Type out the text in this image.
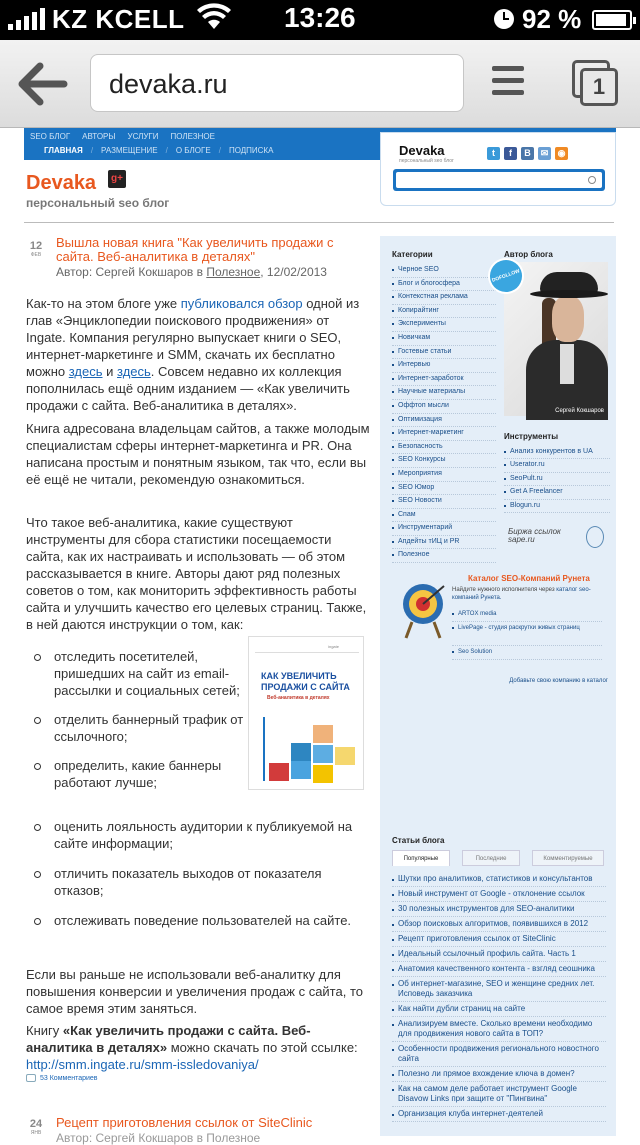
KZ KCELL	13:26	92 %
devaka.ru	1
SEO БЛОГ АВТОРЫ УСЛУГИ ПОЛЕЗНОЕ
ГЛАВНАЯ / РАЗМЕЩЕНИЕ / О БЛОГЕ / ПОДПИСКА	Devaka
персональный seo блог
t f B ✉ ◉
Devaka	g+
персональный seo блог
12
ФЕВ
Вышла новая книга "Как увеличить продажи с сайта. Веб-аналитика в деталях"
Автор: Сергей Кокшаров в Полезное, 12/02/2013
Как-то на этом блоге уже публиковался обзор одной из глав «Энциклопедии поискового продвижения» от Ingate. Компания регулярно выпускает книги о SEO, интернет-маркетинге и SMM, скачать их бесплатно можно здесь и здесь. Совсем недавно их коллекция пополнилась ещё одним изданием — «Как увеличить продажи с сайта. Веб-аналитика в деталях».
Книга адресована владельцам сайтов, а также молодым специалистам сферы интернет-маркетинга и PR. Она написана простым и понятным языком, так что, если вы её ещё не читали, рекомендую ознакомиться.
Что такое веб-аналитика, какие существуют инструменты для сбора статистики посещаемости сайта, как их настраивать и использовать — об этом рассказывается в книге. Авторы дают ряд полезных советов о том, как мониторить эффективность работы сайта и улучшить качество его целевых страниц. Также, в ней даются инструкции о том, как:
отследить посетителей, пришедших на сайт из email-рассылки и социальных сетей;
отделить баннерный трафик от ссылочного;
определить, какие баннеры работают лучше;
оценить лояльность аудитории к публикуемой на сайте информации;
отличить показатель выходов от показателя отказов;
отслеживать поведение пользователей на сайте.
ingate
КАК УВЕЛИЧИТЬ ПРОДАЖИ С САЙТА
Веб-аналитика в деталях
Если вы раньше не использовали веб-аналитку для повышения конверсии и увеличения продаж с сайта, то самое время этим заняться.
Книгу «Как увеличить продажи с сайта. Веб-аналитика в деталях» можно скачать по этой ссылке:
http://smm.ingate.ru/smm-issledovaniya/
53 Комментариев
24
ЯНВ
Рецепт приготовления ссылок от SiteClinic
Автор: Сергей Кокшаров в Полезное
Категории	Автор блога
Черное SEO
Блог и блогосфера
Контекстная реклама
Копирайтинг
Эксперименты
Новичкам
Гостевые статьи
Интервью
Интернет-заработок
Научные материалы
Оффтоп мысли
Оптимизация
Интернет-маркетинг
Безопасность
SEO Конкурсы
Мероприятия
SEO Юмор
SEO Новости
Спам
Инструментарий
Апдейты тИЦ и PR
Полезное
Сергей Кокшаров
DOFOLLOW
Инструменты
Анализ конкурентов в UA
Userator.ru
SeoPult.ru
Get A Freelancer
Blogun.ru
Биржа ссылок
sape.ru
Каталог SEO-Компаний Рунета
Найдите нужного исполнителя через каталог seo-компаний Рунета.
ARTOX media
LivePage - студия раскрутки живых страниц
Seo Solution
Добавьте свою компанию в каталог
Статьи блога
Популярные	Последние	Комментируемые
Шутки про аналитиков, статистиков и консультантов
Новый инструмент от Google - отклонение ссылок
30 полезных инструментов для SEO-аналитики
Обзор поисковых алгоритмов, появившихся в 2012
Рецепт приготовления ссылок от SiteClinic
Идеальный ссылочный профиль сайта. Часть 1
Анатомия качественного контента - взгляд сеошника
Об интернет-магазине, SEO и женщине средних лет. Исповедь заказчика
Как найти дубли страниц на сайте
Анализируем вместе. Сколько времени необходимо для продвижения нового сайта в ТОП?
Особенности продвижения регионального новостного сайта
Полезно ли прямое вхождение ключа в домен?
Как на самом деле работает инструмент Google Disavow Links при защите от "Пингвина"
Организация клуба интернет-деятелей
